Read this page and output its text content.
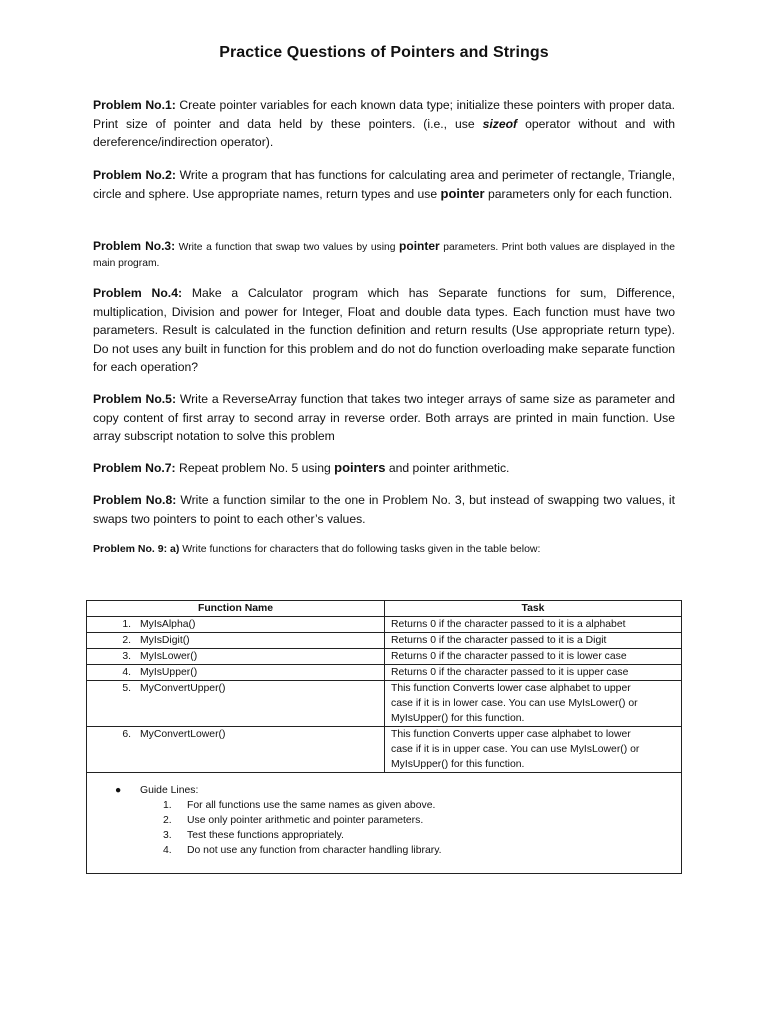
Practice Questions of Pointers and Strings
Problem No.1: Create pointer variables for each known data type; initialize these pointers with proper data. Print size of pointer and data held by these pointers. (i.e., use sizeof operator without and with dereference/indirection operator).
Problem No.2: Write a program that has functions for calculating area and perimeter of rectangle, Triangle, circle and sphere. Use appropriate names, return types and use pointer parameters only for each function.
Problem No.3: Write a function that swap two values by using pointer parameters. Print both values are displayed in the main program.
Problem No.4: Make a Calculator program which has Separate functions for sum, Difference, multiplication, Division and power for Integer, Float and double data types. Each function must have two parameters. Result is calculated in the function definition and return results (Use appropriate return type). Do not uses any built in function for this problem and do not do function overloading make separate function for each operation?
Problem No.5: Write a ReverseArray function that takes two integer arrays of same size as parameter and copy content of first array to second array in reverse order. Both arrays are printed in main function. Use array subscript notation to solve this problem
Problem No.7: Repeat problem No. 5 using pointers and pointer arithmetic.
Problem No.8: Write a function similar to the one in Problem No. 3, but instead of swapping two values, it swaps two pointers to point to each other’s values.
Problem No. 9: a) Write functions for characters that do following tasks given in the table below:
Function Name	Task
1. MyIsAlpha()	Returns 0 if the character passed to it is a alphabet
2. MyIsDigit()	Returns 0 if the character passed to it is a Digit
3. MyIsLower()	Returns 0 if the character passed to it is lower case
4. MyIsUpper()	Returns 0 if the character passed to it is upper case
5. MyConvertUpper()	This function Converts lower case alphabet to upper
case if it is in lower case. You can use MyIsLower() or
MyIsUpper() for this function.
6. MyConvertLower()	This function Converts upper case alphabet to lower
case if it is in upper case. You can use MyIsLower() or
MyIsUpper() for this function.
● Guide Lines:
1. For all functions use the same names as given above.
2. Use only pointer arithmetic and pointer parameters.
3. Test these functions appropriately.
4. Do not use any function from character handling library.
